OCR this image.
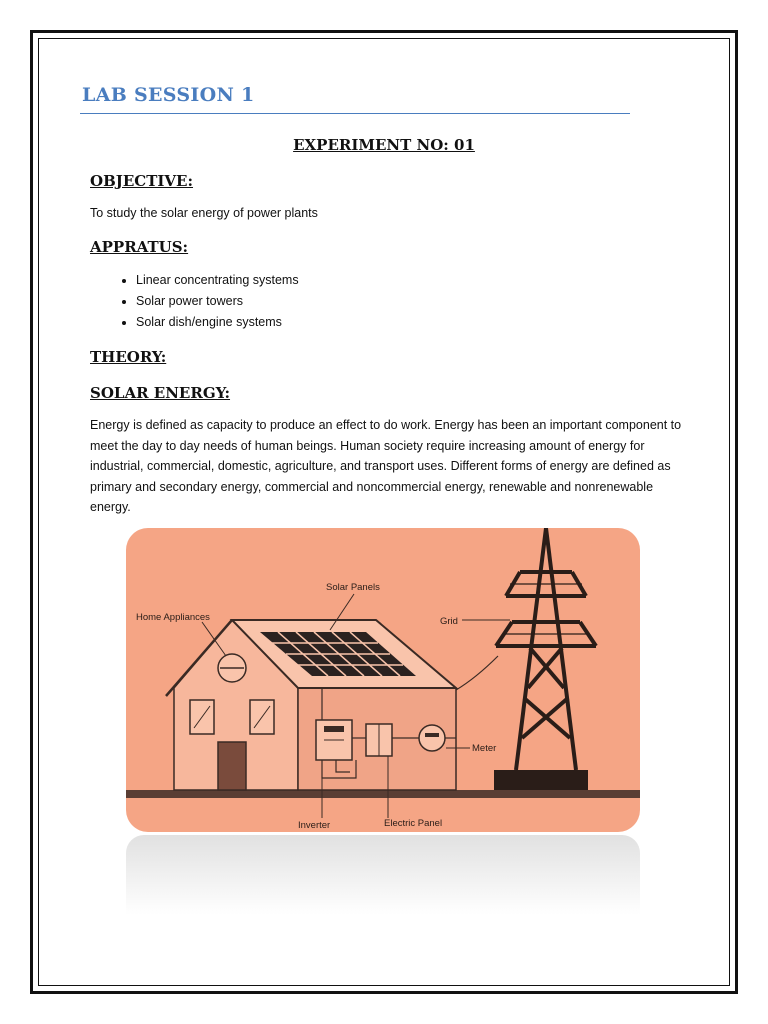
LAB SESSION 1
EXPERIMENT NO: 01
OBJECTIVE:
To study the solar energy of power plants
APPRATUS:
• Linear concentrating systems
• Solar power towers
• Solar dish/engine systems
THEORY:
SOLAR ENERGY:
Energy is defined as capacity to produce an effect to do work. Energy has been an important component to meet the day to day needs of human beings. Human society require increasing amount of energy for industrial, commercial, domestic, agriculture, and transport uses. Different forms of energy are defined as primary and secondary energy, commercial and noncommercial energy, renewable and nonrenewable energy.
Solar Panels
Home Appliances	Grid
Meter
Inverter	Electric Panel
